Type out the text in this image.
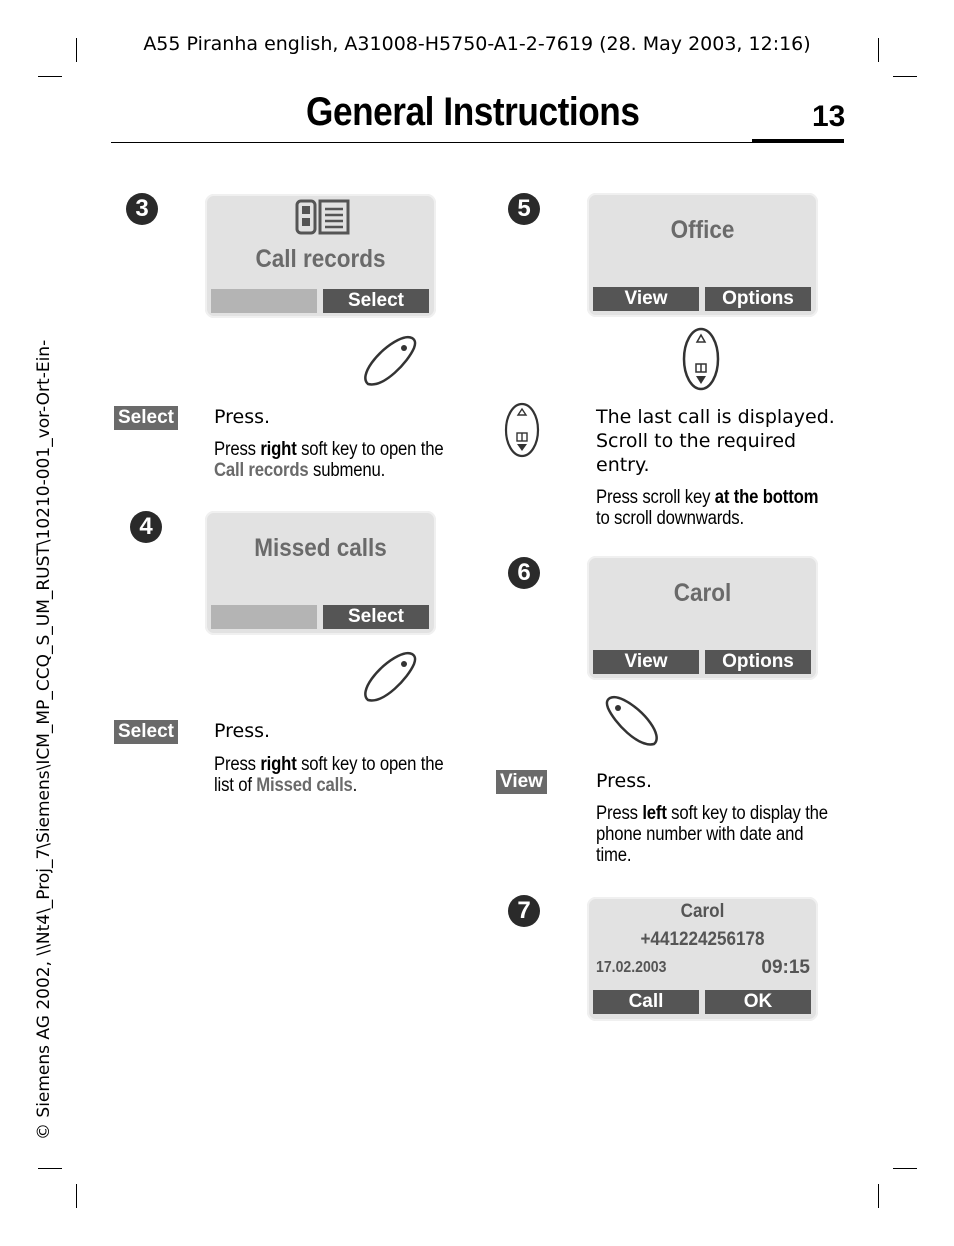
A55 Piranha english, A31008-H5750-A1-2-7619 (28. May 2003, 12:16)
General Instructions	13
© Siemens AG 2002, \\Nt4\_Proj_7\Siemens\ICM_MP_CCQ_S_UM_RUST\10210-001_vor-Ort-Ein-
3
Call records
Select
Select Press.
Press right soft key to open the
Call records submenu.
4
Missed calls
Select
Select Press.
Press right soft key to open the
list of Missed calls.
5
Office
View	Options
The last call is displayed.
Scroll to the required
entry.
Press scroll key at the bottom
to scroll downwards.
6
Carol
View	Options
View	Press.
Press left soft key to display the
phone number with date and
time.
7	Carol
+441224256178
17.02.2003	09:15
Call	OK
